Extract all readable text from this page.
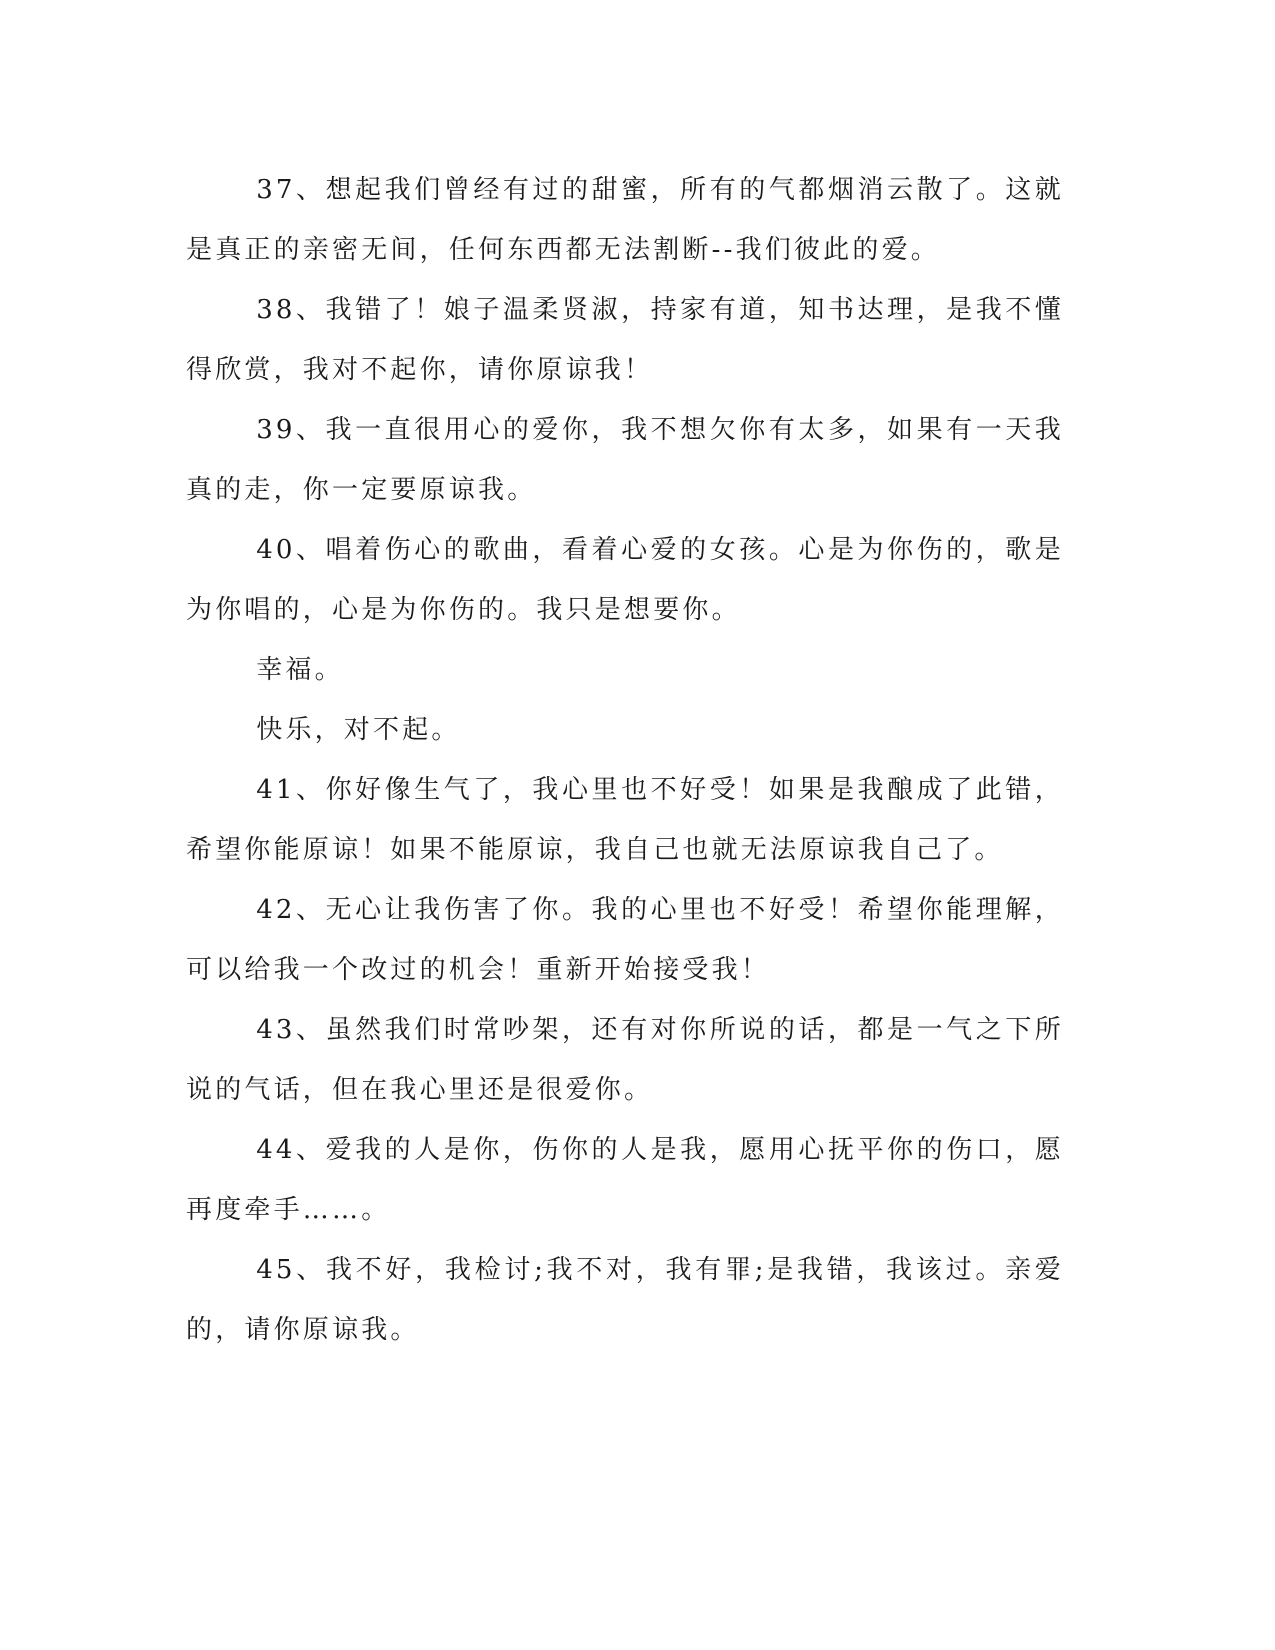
37、想起我们曾经有过的甜蜜，所有的气都烟消云散了。这就是真正的亲密无间，任何东西都无法割断--我们彼此的爱。

38、我错了！娘子温柔贤淑，持家有道，知书达理，是我不懂得欣赏，我对不起你，请你原谅我！

39、我一直很用心的爱你，我不想欠你有太多，如果有一天我真的走，你一定要原谅我。

40、唱着伤心的歌曲，看着心爱的女孩。心是为你伤的，歌是为你唱的，心是为你伤的。我只是想要你。

幸福。

快乐，对不起。

41、你好像生气了，我心里也不好受！如果是我酿成了此错，希望你能原谅！如果不能原谅，我自己也就无法原谅我自己了。

42、无心让我伤害了你。我的心里也不好受！希望你能理解，可以给我一个改过的机会！重新开始接受我！

43、虽然我们时常吵架，还有对你所说的话，都是一气之下所说的气话，但在我心里还是很爱你。

44、爱我的人是你，伤你的人是我，愿用心抚平你的伤口，愿再度牵手……。

45、我不好，我检讨;我不对，我有罪;是我错，我该过。亲爱的，请你原谅我。
